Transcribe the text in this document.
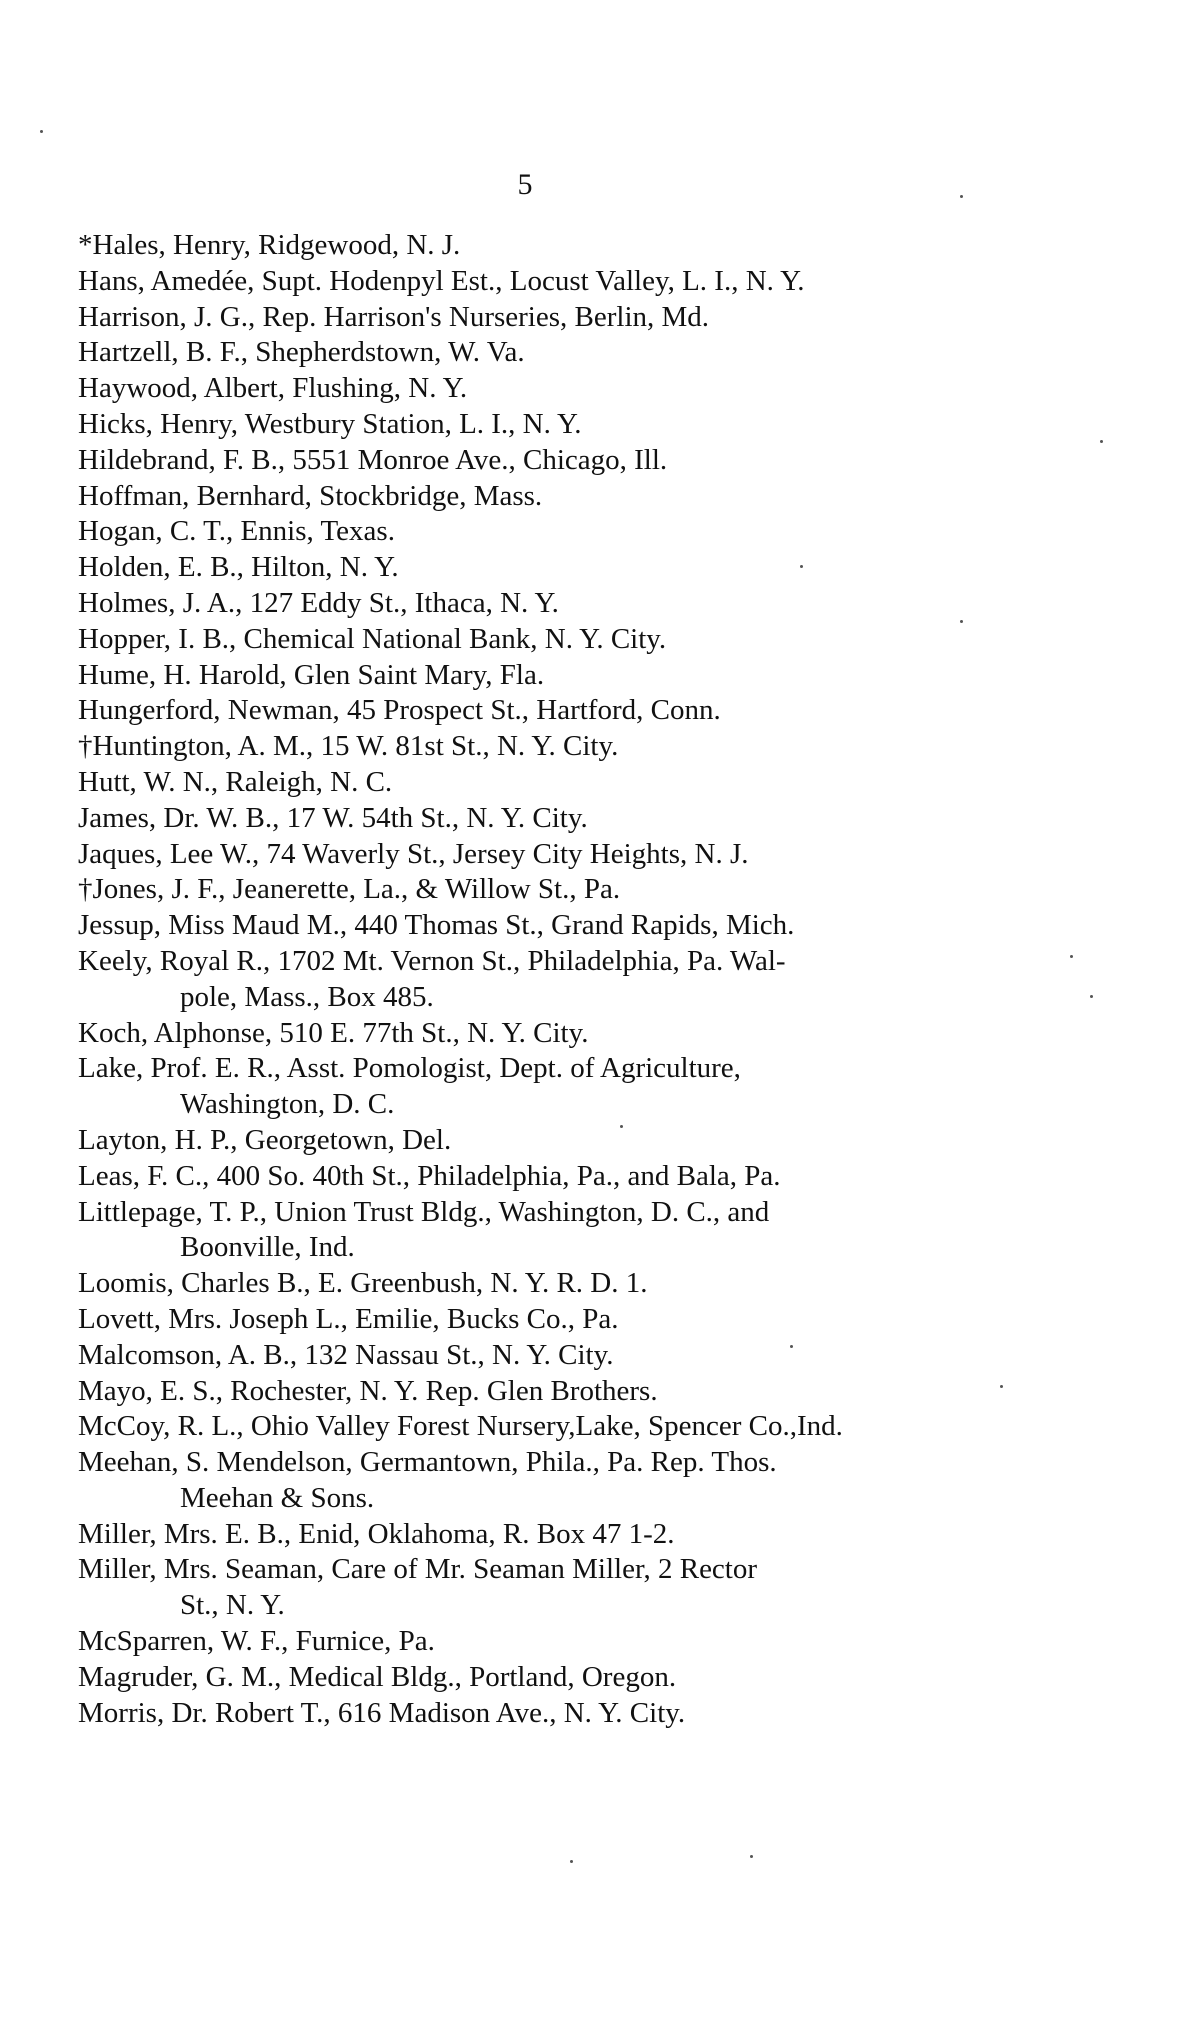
5
*Hales, Henry, Ridgewood, N. J.
Hans, Amedée, Supt. Hodenpyl Est., Locust Valley, L. I., N. Y.
Harrison, J. G., Rep. Harrison's Nurseries, Berlin, Md.
Hartzell, B. F., Shepherdstown, W. Va.
Haywood, Albert, Flushing, N. Y.
Hicks, Henry, Westbury Station, L. I., N. Y.
Hildebrand, F. B., 5551 Monroe Ave., Chicago, Ill.
Hoffman, Bernhard, Stockbridge, Mass.
Hogan, C. T., Ennis, Texas.
Holden, E. B., Hilton, N. Y.
Holmes, J. A., 127 Eddy St., Ithaca, N. Y.
Hopper, I. B., Chemical National Bank, N. Y. City.
Hume, H. Harold, Glen Saint Mary, Fla.
Hungerford, Newman, 45 Prospect St., Hartford, Conn.
†Huntington, A. M., 15 W. 81st St., N. Y. City.
Hutt, W. N., Raleigh, N. C.
James, Dr. W. B., 17 W. 54th St., N. Y. City.
Jaques, Lee W., 74 Waverly St., Jersey City Heights, N. J.
†Jones, J. F., Jeanerette, La., & Willow St., Pa.
Jessup, Miss Maud M., 440 Thomas St., Grand Rapids, Mich.
Keely, Royal R., 1702 Mt. Vernon St., Philadelphia, Pa. Wal-
pole, Mass., Box 485.
Koch, Alphonse, 510 E. 77th St., N. Y. City.
Lake, Prof. E. R., Asst. Pomologist, Dept. of Agriculture,
Washington, D. C.
Layton, H. P., Georgetown, Del.
Leas, F. C., 400 So. 40th St., Philadelphia, Pa., and Bala, Pa.
Littlepage, T. P., Union Trust Bldg., Washington, D. C., and
Boonville, Ind.
Loomis, Charles B., E. Greenbush, N. Y. R. D. 1.
Lovett, Mrs. Joseph L., Emilie, Bucks Co., Pa.
Malcomson, A. B., 132 Nassau St., N. Y. City.
Mayo, E. S., Rochester, N. Y. Rep. Glen Brothers.
McCoy, R. L., Ohio Valley Forest Nursery,Lake, Spencer Co.,Ind.
Meehan, S. Mendelson, Germantown, Phila., Pa. Rep. Thos.
Meehan & Sons.
Miller, Mrs. E. B., Enid, Oklahoma, R. Box 47 1-2.
Miller, Mrs. Seaman, Care of Mr. Seaman Miller, 2 Rector
St., N. Y.
McSparren, W. F., Furnice, Pa.
Magruder, G. M., Medical Bldg., Portland, Oregon.
Morris, Dr. Robert T., 616 Madison Ave., N. Y. City.
